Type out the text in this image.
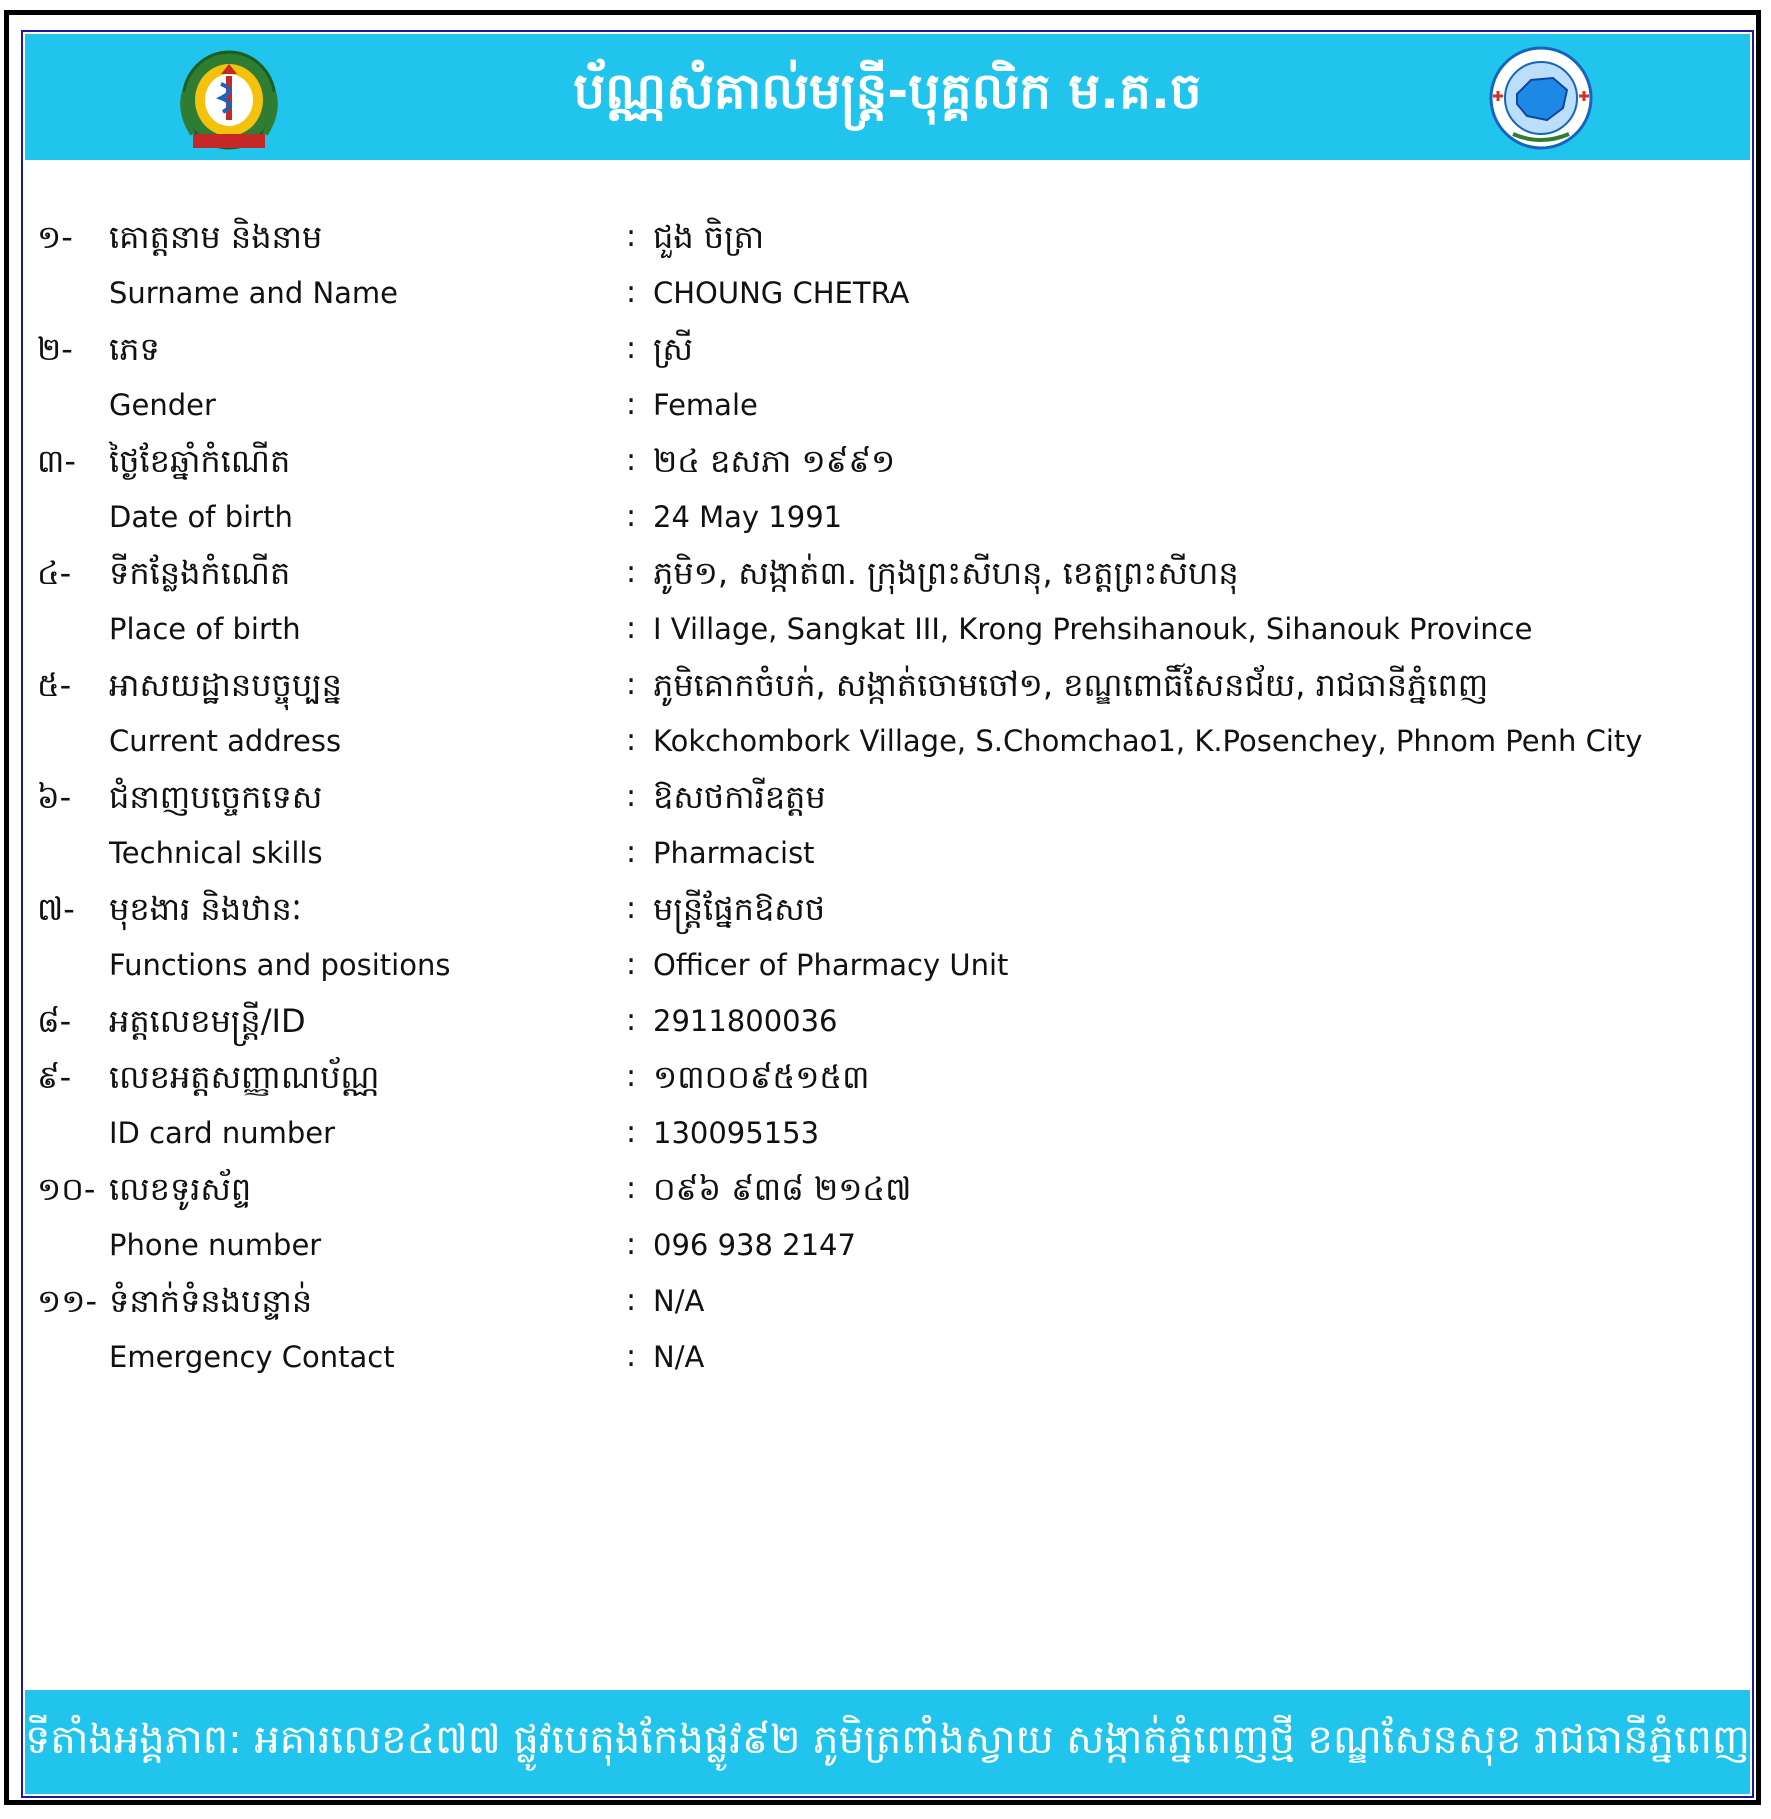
ប័ណ្ណសំគាល់មន្ត្រី-បុគ្គលិក ម.គ.ច
១-	គោត្តនាម និងនាម	: ជួង ចិត្រា
Surname and Name	: CHOUNG CHETRA
២-	ភេទ	: ស្រី
Gender	: Female
៣-	ថ្ងៃខែឆ្នាំកំណើត	: ២៤ ឧសភា ១៩៩១
Date of birth	: 24 May 1991
៤-	ទីកន្លែងកំណើត	: ភូមិ១, សង្កាត់៣. ក្រុងព្រះសីហនុ, ខេត្តព្រះសីហនុ
Place of birth	: I Village, Sangkat III, Krong Prehsihanouk, Sihanouk Province
៥-	អាសយដ្ឋានបច្ចុប្បន្ន	: ភូមិគោកចំបក់, សង្កាត់ចោមចៅ១, ខណ្ឌពោធិ៍សែនជ័យ, រាជធានីភ្នំពេញ
Current address	: Kokchombork Village, S.Chomchao1, K.Posenchey, Phnom Penh City
៦-	ជំនាញបច្ចេកទេស	: ឱសថការីឧត្តម
Technical skills	: Pharmacist
៧-	មុខងារ និងឋានៈ	: មន្ត្រីផ្នែកឱសថ
Functions and positions	: Officer of Pharmacy Unit
៨-	អត្តលេខមន្ត្រី/ID	: 2911800036
៩-	លេខអត្តសញ្ញាណប័ណ្ណ	: ១៣០០៩៥១៥៣
ID card number	: 130095153
១០- លេខទូរស័ព្ទ	: ០៩៦ ៩៣៨ ២១៤៧
Phone number	: 096 938 2147
១១- ទំនាក់ទំនងបន្ទាន់	: N/A
Emergency Contact	: N/A
ទីតាំងអង្គភាព: អគារលេខ៤៧៧ ផ្លូវបេតុងកែងផ្លូវ៩២ ភូមិត្រពាំងស្វាយ សង្កាត់ភ្នំពេញថ្មី ខណ្ឌសែនសុខ រាជធានីភ្នំពេញ
